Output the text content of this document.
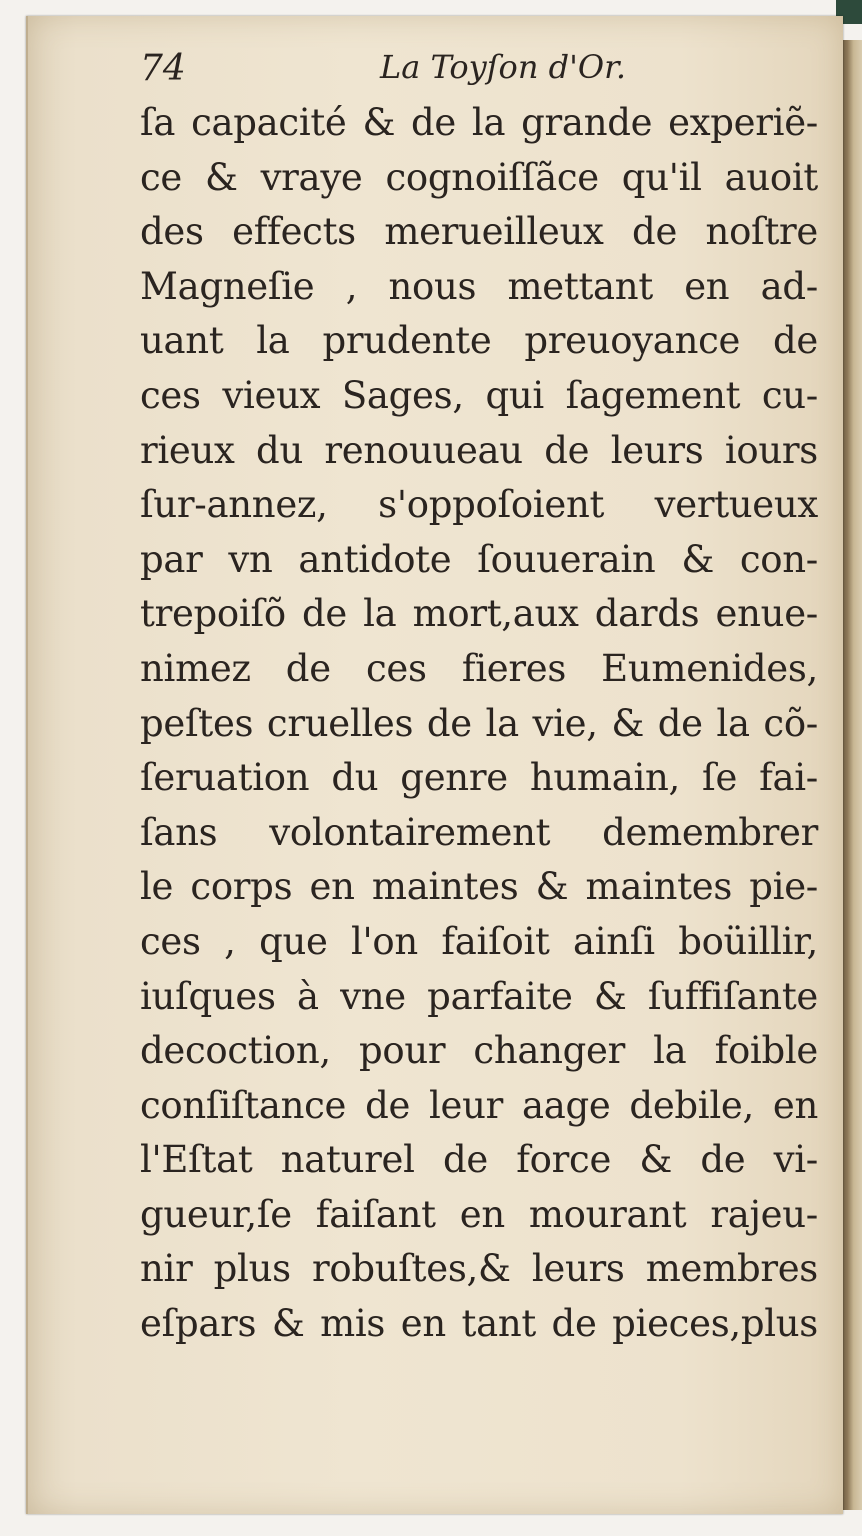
74	La Toyſon d'Or.
ſa capacité & de la grande experiẽ-
ce & vraye cognoiſſãce qu'il auoit
des effects merueilleux de noſtre
Magneſie , nous mettant en ad-
uant la prudente preuoyance de
ces vieux Sages, qui ſagement cu-
rieux du renouueau de leurs iours
ſur-annez, s'oppoſoient vertueux
par vn antidote ſouuerain & con-
trepoiſõ de la mort,aux dards enue-
nimez de ces fieres Eumenides,
peſtes cruelles de la vie, & de la cõ-
ſeruation du genre humain, ſe fai-
ſans volontairement demembrer
le corps en maintes & maintes pie-
ces , que l'on faiſoit ainſi boüillir,
iuſques à vne parfaite & ſuffiſante
decoction, pour changer la foible
conſiſtance de leur aage debile, en
l'Eſtat naturel de force & de vi-
gueur,ſe faiſant en mourant rajeu-
nir plus robuſtes,& leurs membres
eſpars & mis en tant de pieces,plus
